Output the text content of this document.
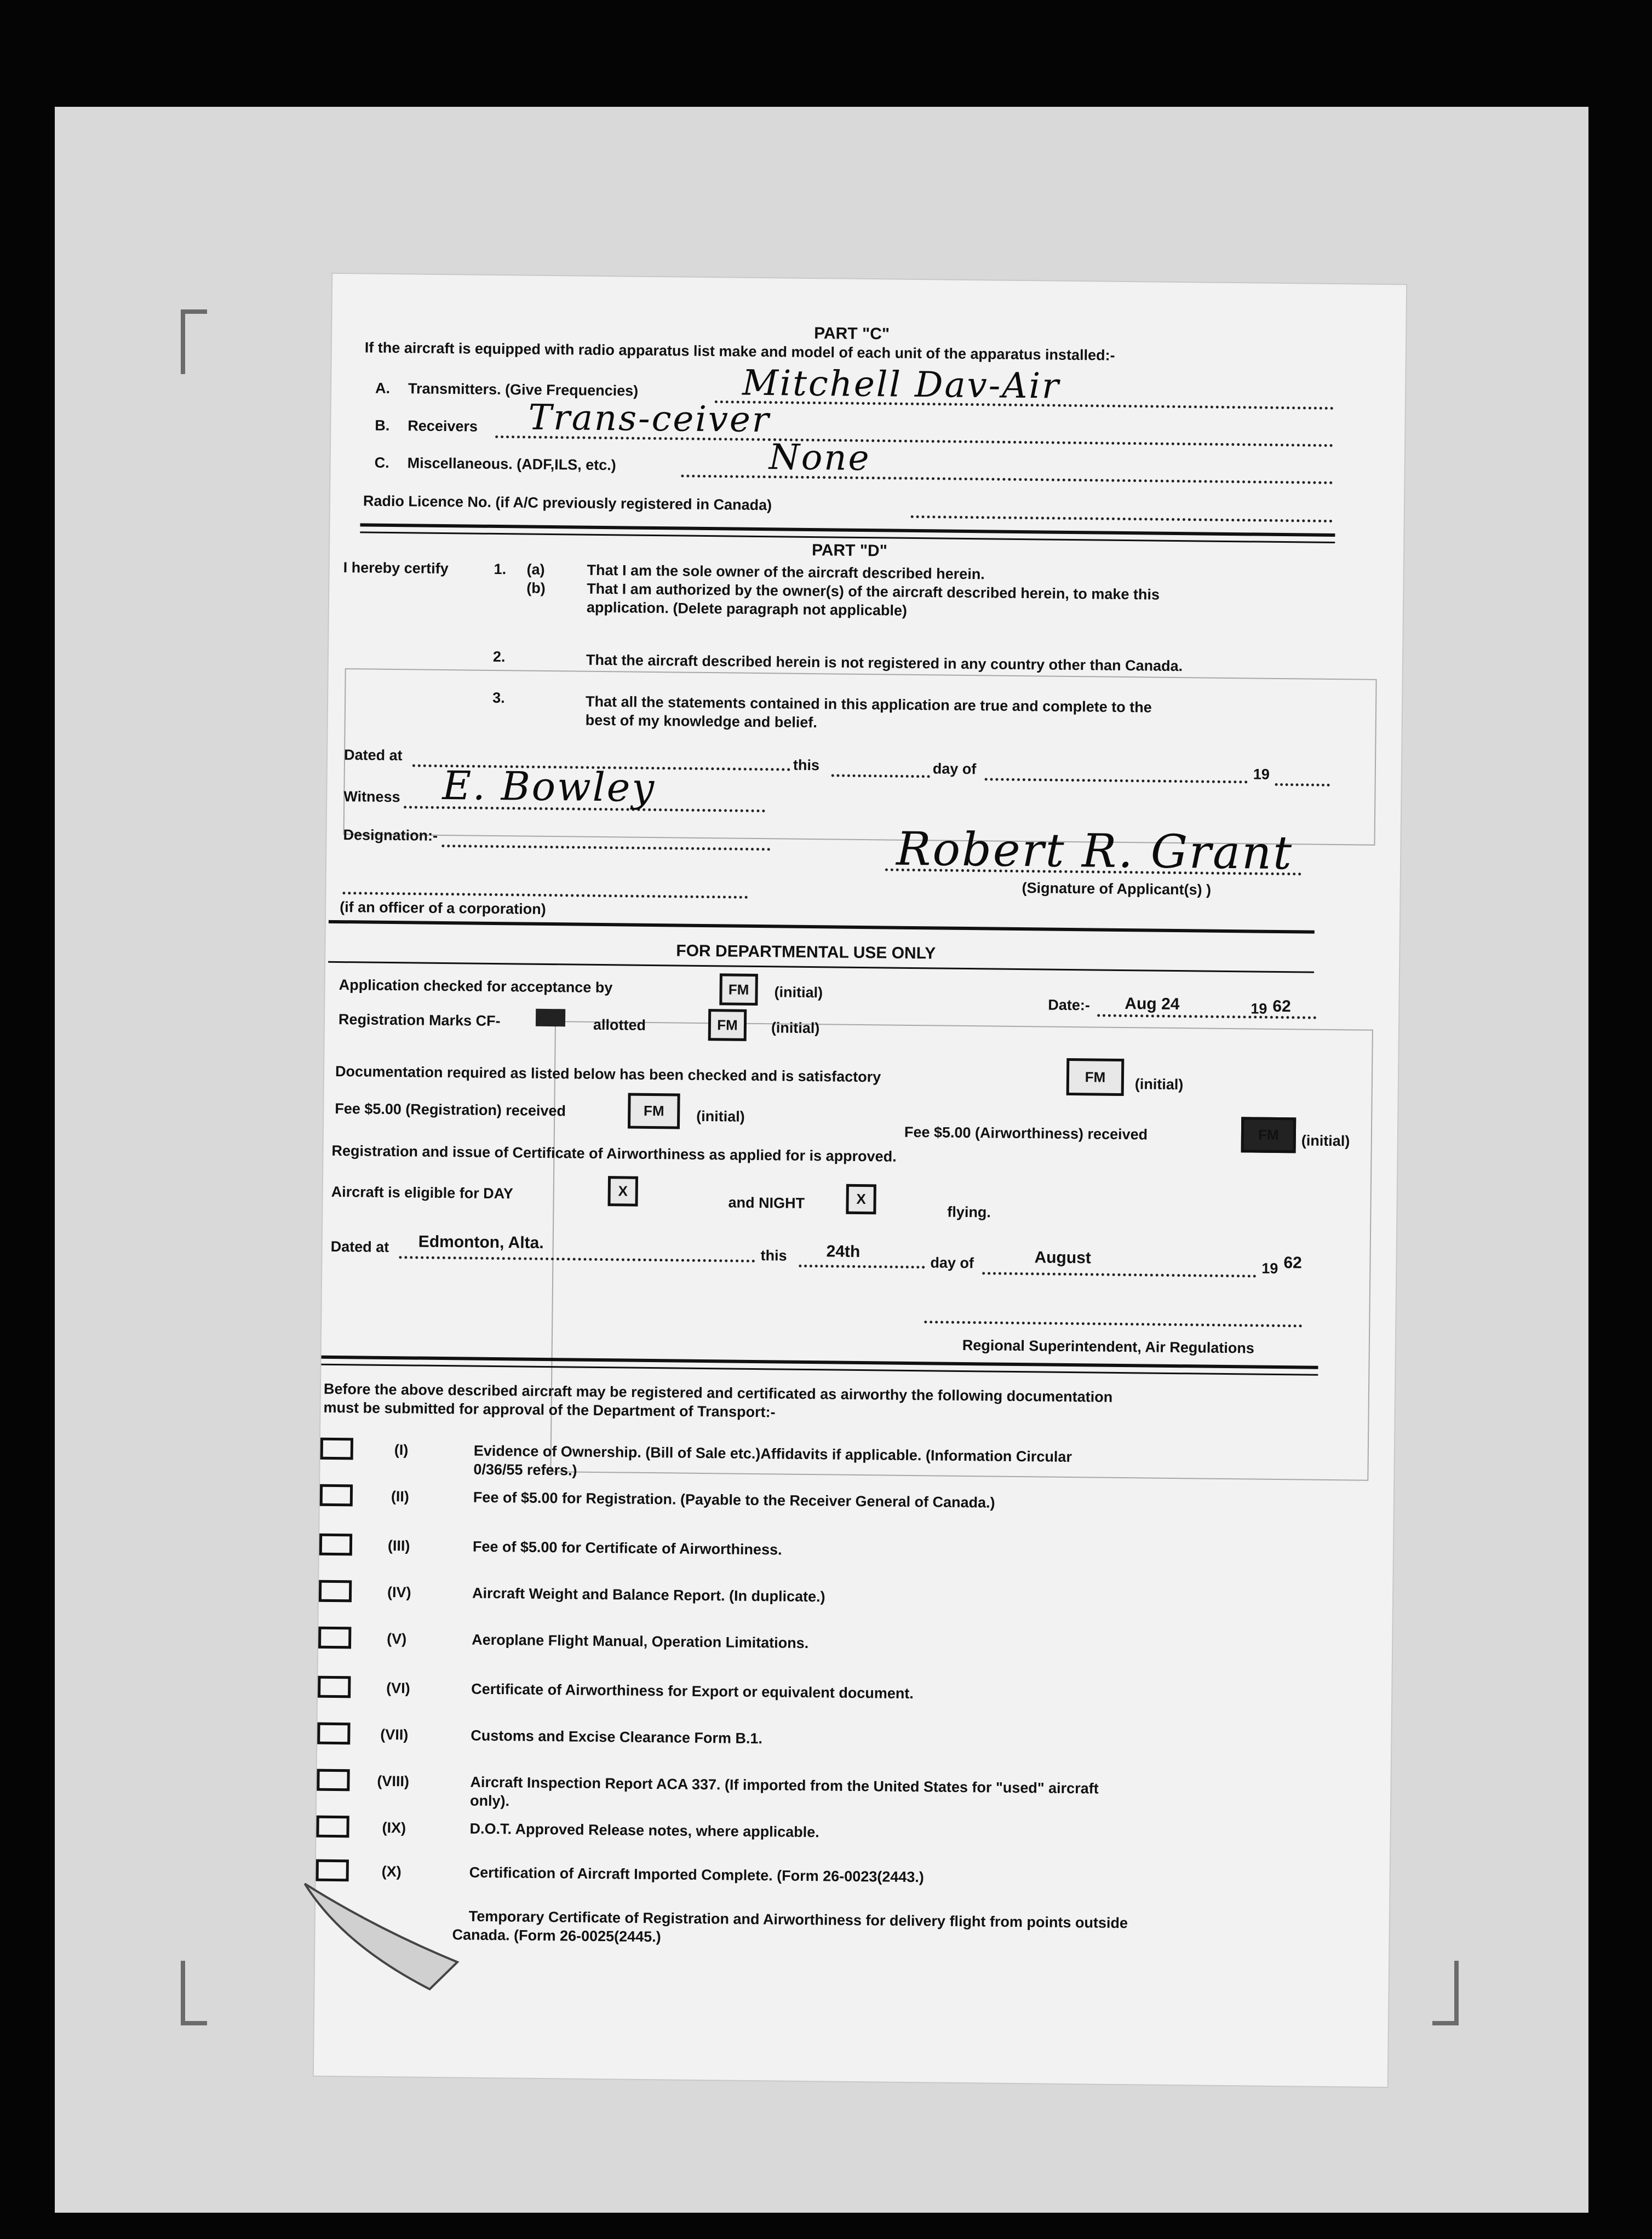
PART "C"
If the aircraft is equipped with radio apparatus list make and model of each unit of the apparatus installed:-
A. Transmitters. (Give Frequencies)	Mitchell Dav-Air
B. Receivers Trans-ceiver
C. Miscellaneous. (ADF,ILS, etc.)	None
Radio Licence No. (if A/C previously registered in Canada)
PART "D"
I hereby certify	1. (a)	That I am the sole owner of the aircraft described herein.
(b)	That I am authorized by the owner(s) of the aircraft described herein, to make this
application. (Delete paragraph not applicable)
2.	That the aircraft described herein is not registered in any country other than Canada.
3.	That all the statements contained in this application are true and complete to the
best of my knowledge and belief.
Dated at
this	day of	19
Witness E. Bowley
Designation:-	Robert R. Grant
(Signature of Applicant(s) )
(if an officer of a corporation)
FOR DEPARTMENTAL USE ONLY
Application checked for acceptance by	FM	(initial)
Date:- Aug 24	19 62
Registration Marks CF- XXX allotted	FM	(initial)
Documentation required as listed below has been checked and is satisfactory	FM	(initial)
Fee $5.00 (Registration) received	FM	(initial)
Fee $5.00 (Airworthiness) received	FM	(initial)
Registration and issue of Certificate of Airworthiness as applied for is approved.
Aircraft is eligible for DAY	X
and NIGHT	X
flying.
Dated at Edmonton, Alta.
this 24th
day of	August
19 62
Regional Superintendent, Air Regulations
Before the above described aircraft may be registered and certificated as airworthy the following documentation
must be submitted for approval of the Department of Transport:-
(I)	Evidence of Ownership. (Bill of Sale etc.)Affidavits if applicable. (Information Circular
0/36/55 refers.)
(II)	Fee of $5.00 for Registration. (Payable to the Receiver General of Canada.)
(III)	Fee of $5.00 for Certificate of Airworthiness.
(IV)	Aircraft Weight and Balance Report. (In duplicate.)
(V)	Aeroplane Flight Manual, Operation Limitations.
(VI)	Certificate of Airworthiness for Export or equivalent document.
(VII)	Customs and Excise Clearance Form B.1.
(VIII)	Aircraft Inspection Report ACA 337. (If imported from the United States for "used" aircraft
only).
(IX)	D.O.T. Approved Release notes, where applicable.
(X)	Certification of Aircraft Imported Complete. (Form 26-0023(2443.)
Temporary Certificate of Registration and Airworthiness for delivery flight from points outside
Canada. (Form 26-0025(2445.)
